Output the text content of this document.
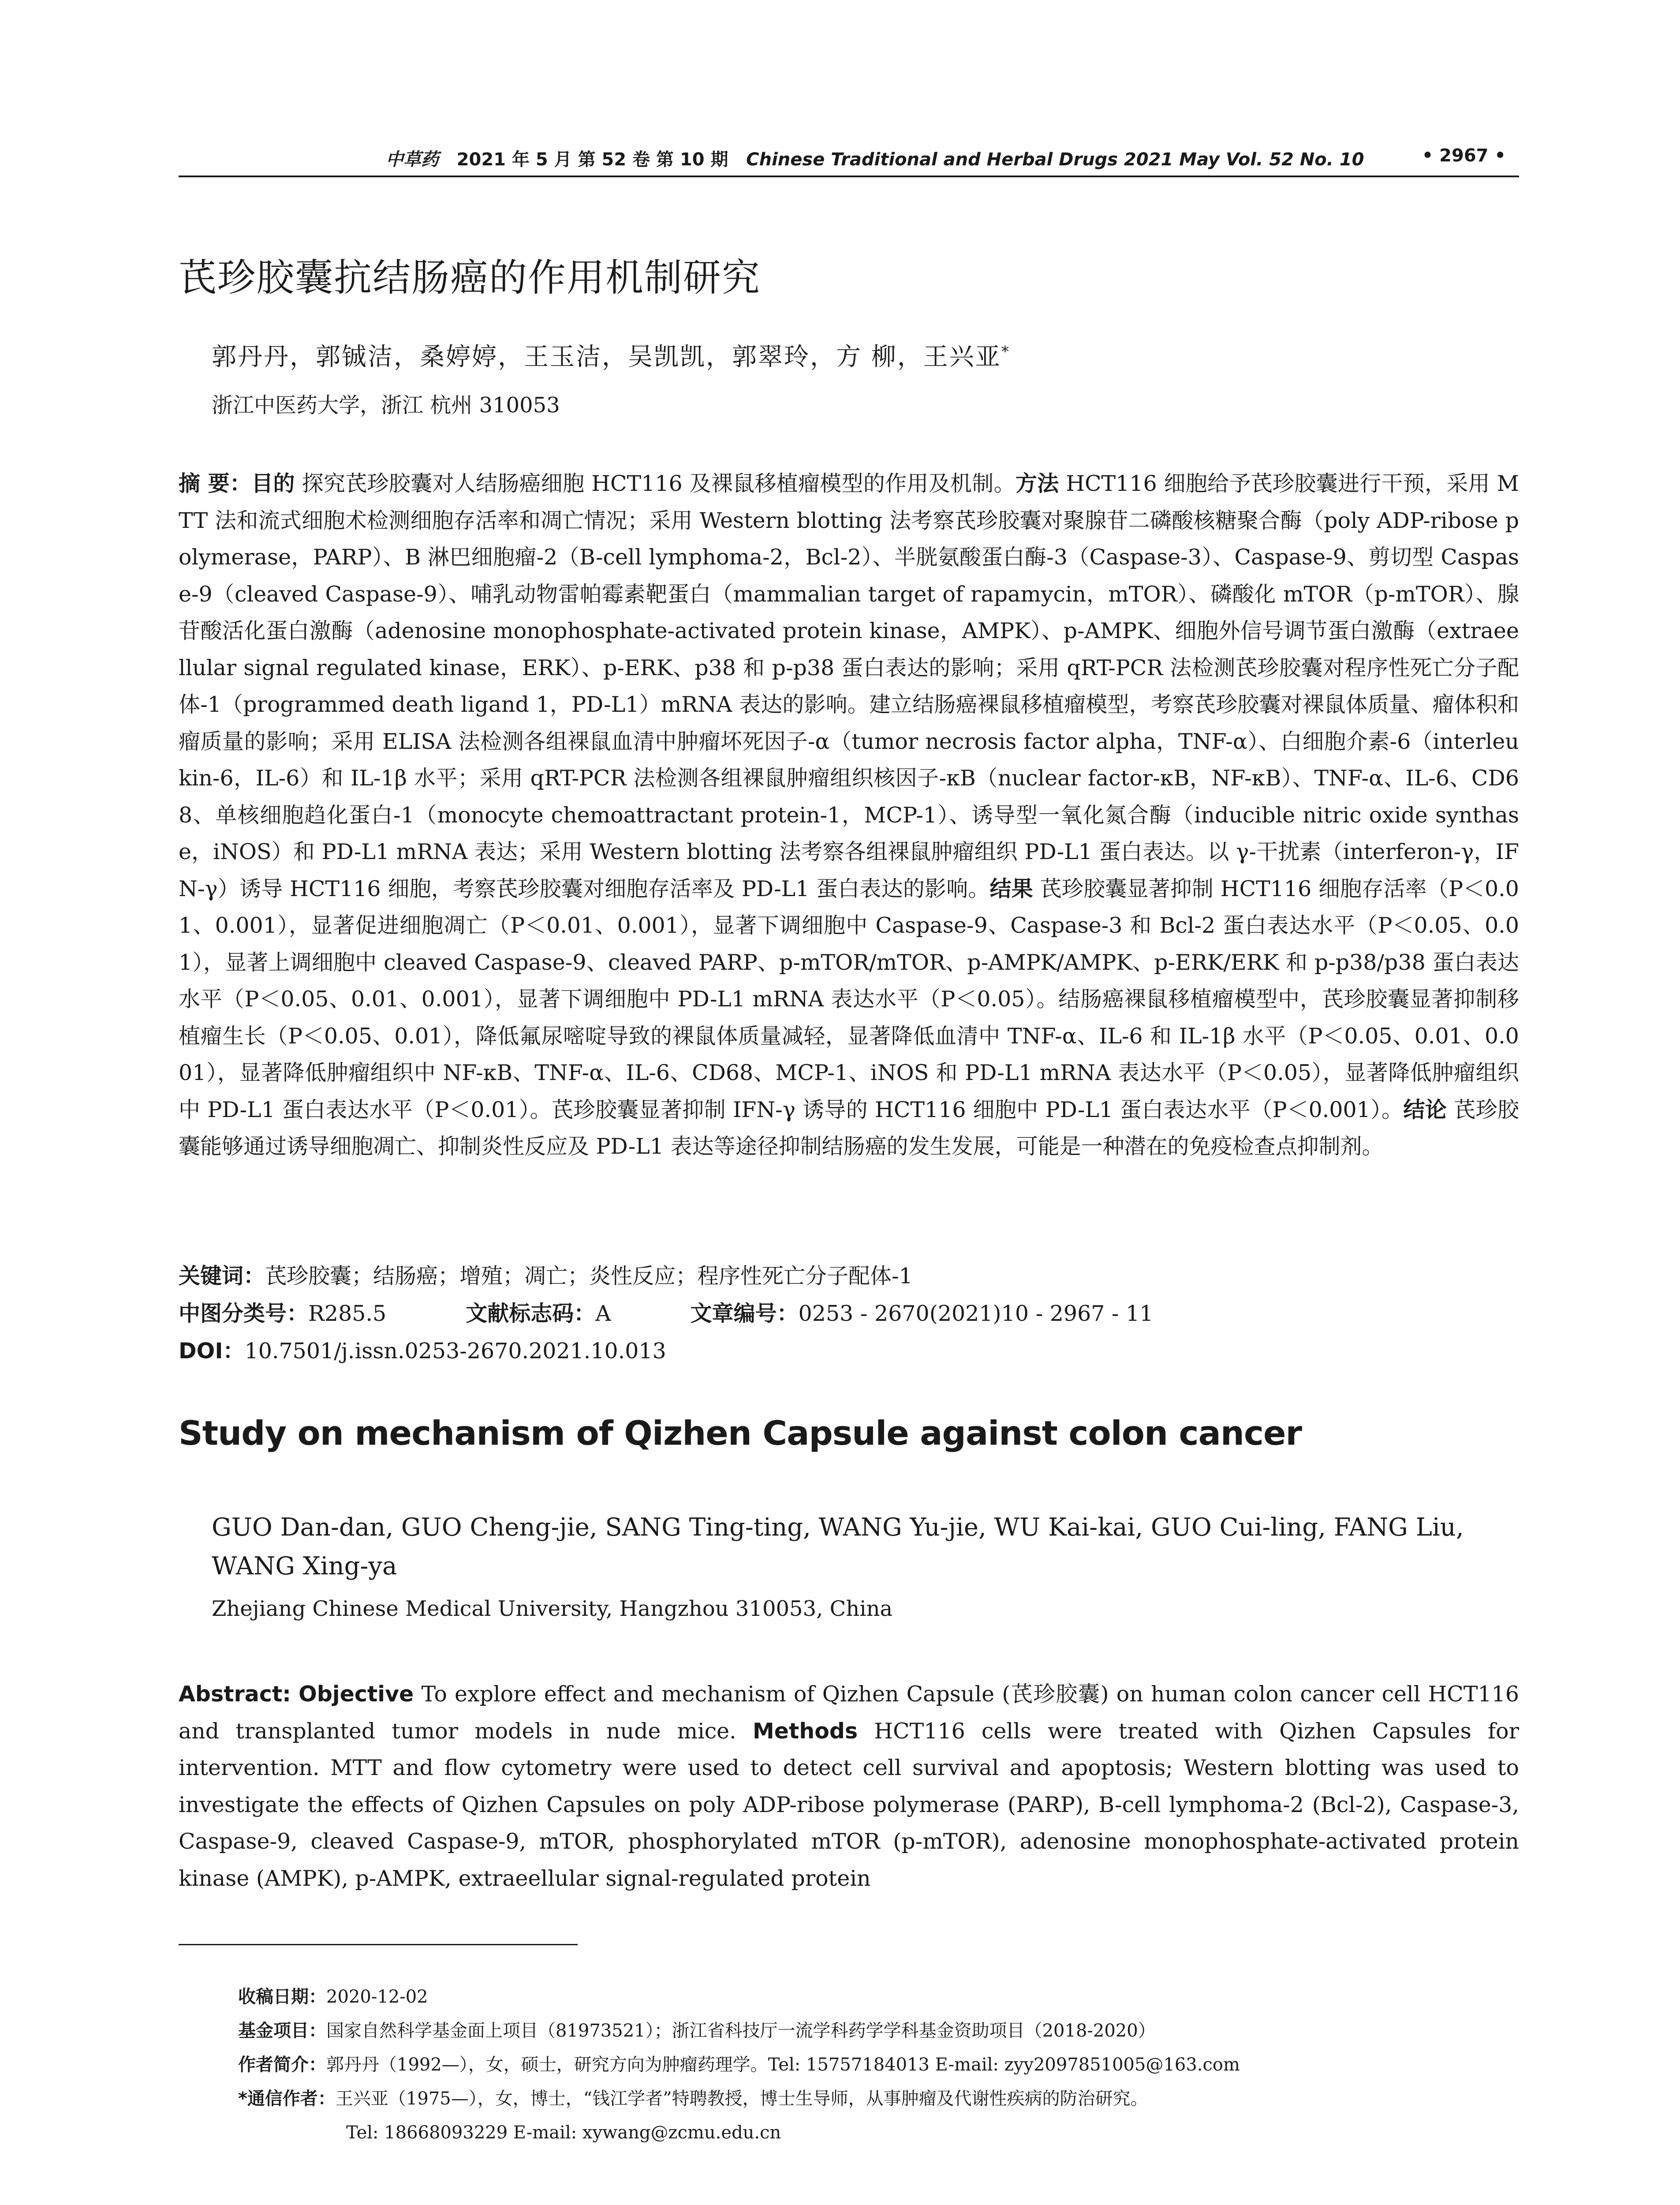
中草药 2021 年 5 月 第 52 卷 第 10 期 Chinese Traditional and Herbal Drugs 2021 May Vol. 52 No. 10	• 2967 •
芪珍胶囊抗结肠癌的作用机制研究
郭丹丹，郭铖洁，桑婷婷，王玉洁，吴凯凯，郭翠玲，方 柳，王兴亚*
浙江中医药大学，浙江 杭州 310053
摘 要：目的 探究芪珍胶囊对人结肠癌细胞 HCT116 及裸鼠移植瘤模型的作用及机制。方法 HCT116 细胞给予芪珍胶囊进行干预，采用 MTT 法和流式细胞术检测细胞存活率和凋亡情况；采用 Western blotting 法考察芪珍胶囊对聚腺苷二磷酸核糖聚合酶（poly ADP-ribose polymerase，PARP）、B 淋巴细胞瘤-2（B-cell lymphoma-2，Bcl-2）、半胱氨酸蛋白酶-3（Caspase-3）、Caspase-9、剪切型 Caspase-9（cleaved Caspase-9）、哺乳动物雷帕霉素靶蛋白（mammalian target of rapamycin，mTOR）、磷酸化 mTOR（p-mTOR）、腺苷酸活化蛋白激酶（adenosine monophosphate-activated protein kinase，AMPK）、p-AMPK、细胞外信号调节蛋白激酶（extraeellular signal regulated kinase，ERK）、p-ERK、p38 和 p-p38 蛋白表达的影响；采用 qRT-PCR 法检测芪珍胶囊对程序性死亡分子配体-1（programmed death ligand 1，PD-L1）mRNA 表达的影响。建立结肠癌裸鼠移植瘤模型，考察芪珍胶囊对裸鼠体质量、瘤体积和瘤质量的影响；采用 ELISA 法检测各组裸鼠血清中肿瘤坏死因子-α（tumor necrosis factor alpha，TNF-α）、白细胞介素-6（interleukin-6，IL-6）和 IL-1β 水平；采用 qRT-PCR 法检测各组裸鼠肿瘤组织核因子-κB（nuclear factor-κB，NF-κB）、TNF-α、IL-6、CD68、单核细胞趋化蛋白-1（monocyte chemoattractant protein-1，MCP-1）、诱导型一氧化氮合酶（inducible nitric oxide synthase，iNOS）和 PD-L1 mRNA 表达；采用 Western blotting 法考察各组裸鼠肿瘤组织 PD-L1 蛋白表达。以 γ-干扰素（interferon-γ，IFN-γ）诱导 HCT116 细胞，考察芪珍胶囊对细胞存活率及 PD-L1 蛋白表达的影响。结果 芪珍胶囊显著抑制 HCT116 细胞存活率（P＜0.01、0.001），显著促进细胞凋亡（P＜0.01、0.001），显著下调细胞中 Caspase-9、Caspase-3 和 Bcl-2 蛋白表达水平（P＜0.05、0.01），显著上调细胞中 cleaved Caspase-9、cleaved PARP、p-mTOR/mTOR、p-AMPK/AMPK、p-ERK/ERK 和 p-p38/p38 蛋白表达水平（P＜0.05、0.01、0.001），显著下调细胞中 PD-L1 mRNA 表达水平（P＜0.05）。结肠癌裸鼠移植瘤模型中，芪珍胶囊显著抑制移植瘤生长（P＜0.05、0.01），降低氟尿嘧啶导致的裸鼠体质量减轻，显著降低血清中 TNF-α、IL-6 和 IL-1β 水平（P＜0.05、0.01、0.001），显著降低肿瘤组织中 NF-κB、TNF-α、IL-6、CD68、MCP-1、iNOS 和 PD-L1 mRNA 表达水平（P＜0.05），显著降低肿瘤组织中 PD-L1 蛋白表达水平（P＜0.01）。芪珍胶囊显著抑制 IFN-γ 诱导的 HCT116 细胞中 PD-L1 蛋白表达水平（P＜0.001）。结论 芪珍胶囊能够通过诱导细胞凋亡、抑制炎性反应及 PD-L1 表达等途径抑制结肠癌的发生发展，可能是一种潜在的免疫检查点抑制剂。
关键词：芪珍胶囊；结肠癌；增殖；凋亡；炎性反应；程序性死亡分子配体-1
中图分类号：R285.5	文献标志码：A	文章编号：0253 - 2670(2021)10 - 2967 - 11
DOI：10.7501/j.issn.0253-2670.2021.10.013
Study on mechanism of Qizhen Capsule against colon cancer
GUO Dan-dan, GUO Cheng-jie, SANG Ting-ting, WANG Yu-jie, WU Kai-kai, GUO Cui-ling, FANG Liu, WANG Xing-ya
Zhejiang Chinese Medical University, Hangzhou 310053, China
Abstract: Objective To explore effect and mechanism of Qizhen Capsule (芪珍胶囊) on human colon cancer cell HCT116 and transplanted tumor models in nude mice. Methods HCT116 cells were treated with Qizhen Capsules for intervention. MTT and flow cytometry were used to detect cell survival and apoptosis; Western blotting was used to investigate the effects of Qizhen Capsules on poly ADP-ribose polymerase (PARP), B-cell lymphoma-2 (Bcl-2), Caspase-3, Caspase-9, cleaved Caspase-9, mTOR, phosphorylated mTOR (p-mTOR), adenosine monophosphate-activated protein kinase (AMPK), p-AMPK, extraeellular signal-regulated protein
收稿日期：2020-12-02
基金项目：国家自然科学基金面上项目（81973521）；浙江省科技厅一流学科药学学科基金资助项目（2018-2020）
作者简介：郭丹丹（1992—），女，硕士，研究方向为肿瘤药理学。Tel: 15757184013 E-mail: zyy2097851005@163.com
*通信作者：王兴亚（1975—），女，博士，“钱江学者”特聘教授，博士生导师，从事肿瘤及代谢性疾病的防治研究。
Tel: 18668093229 E-mail: xywang@zcmu.edu.cn
